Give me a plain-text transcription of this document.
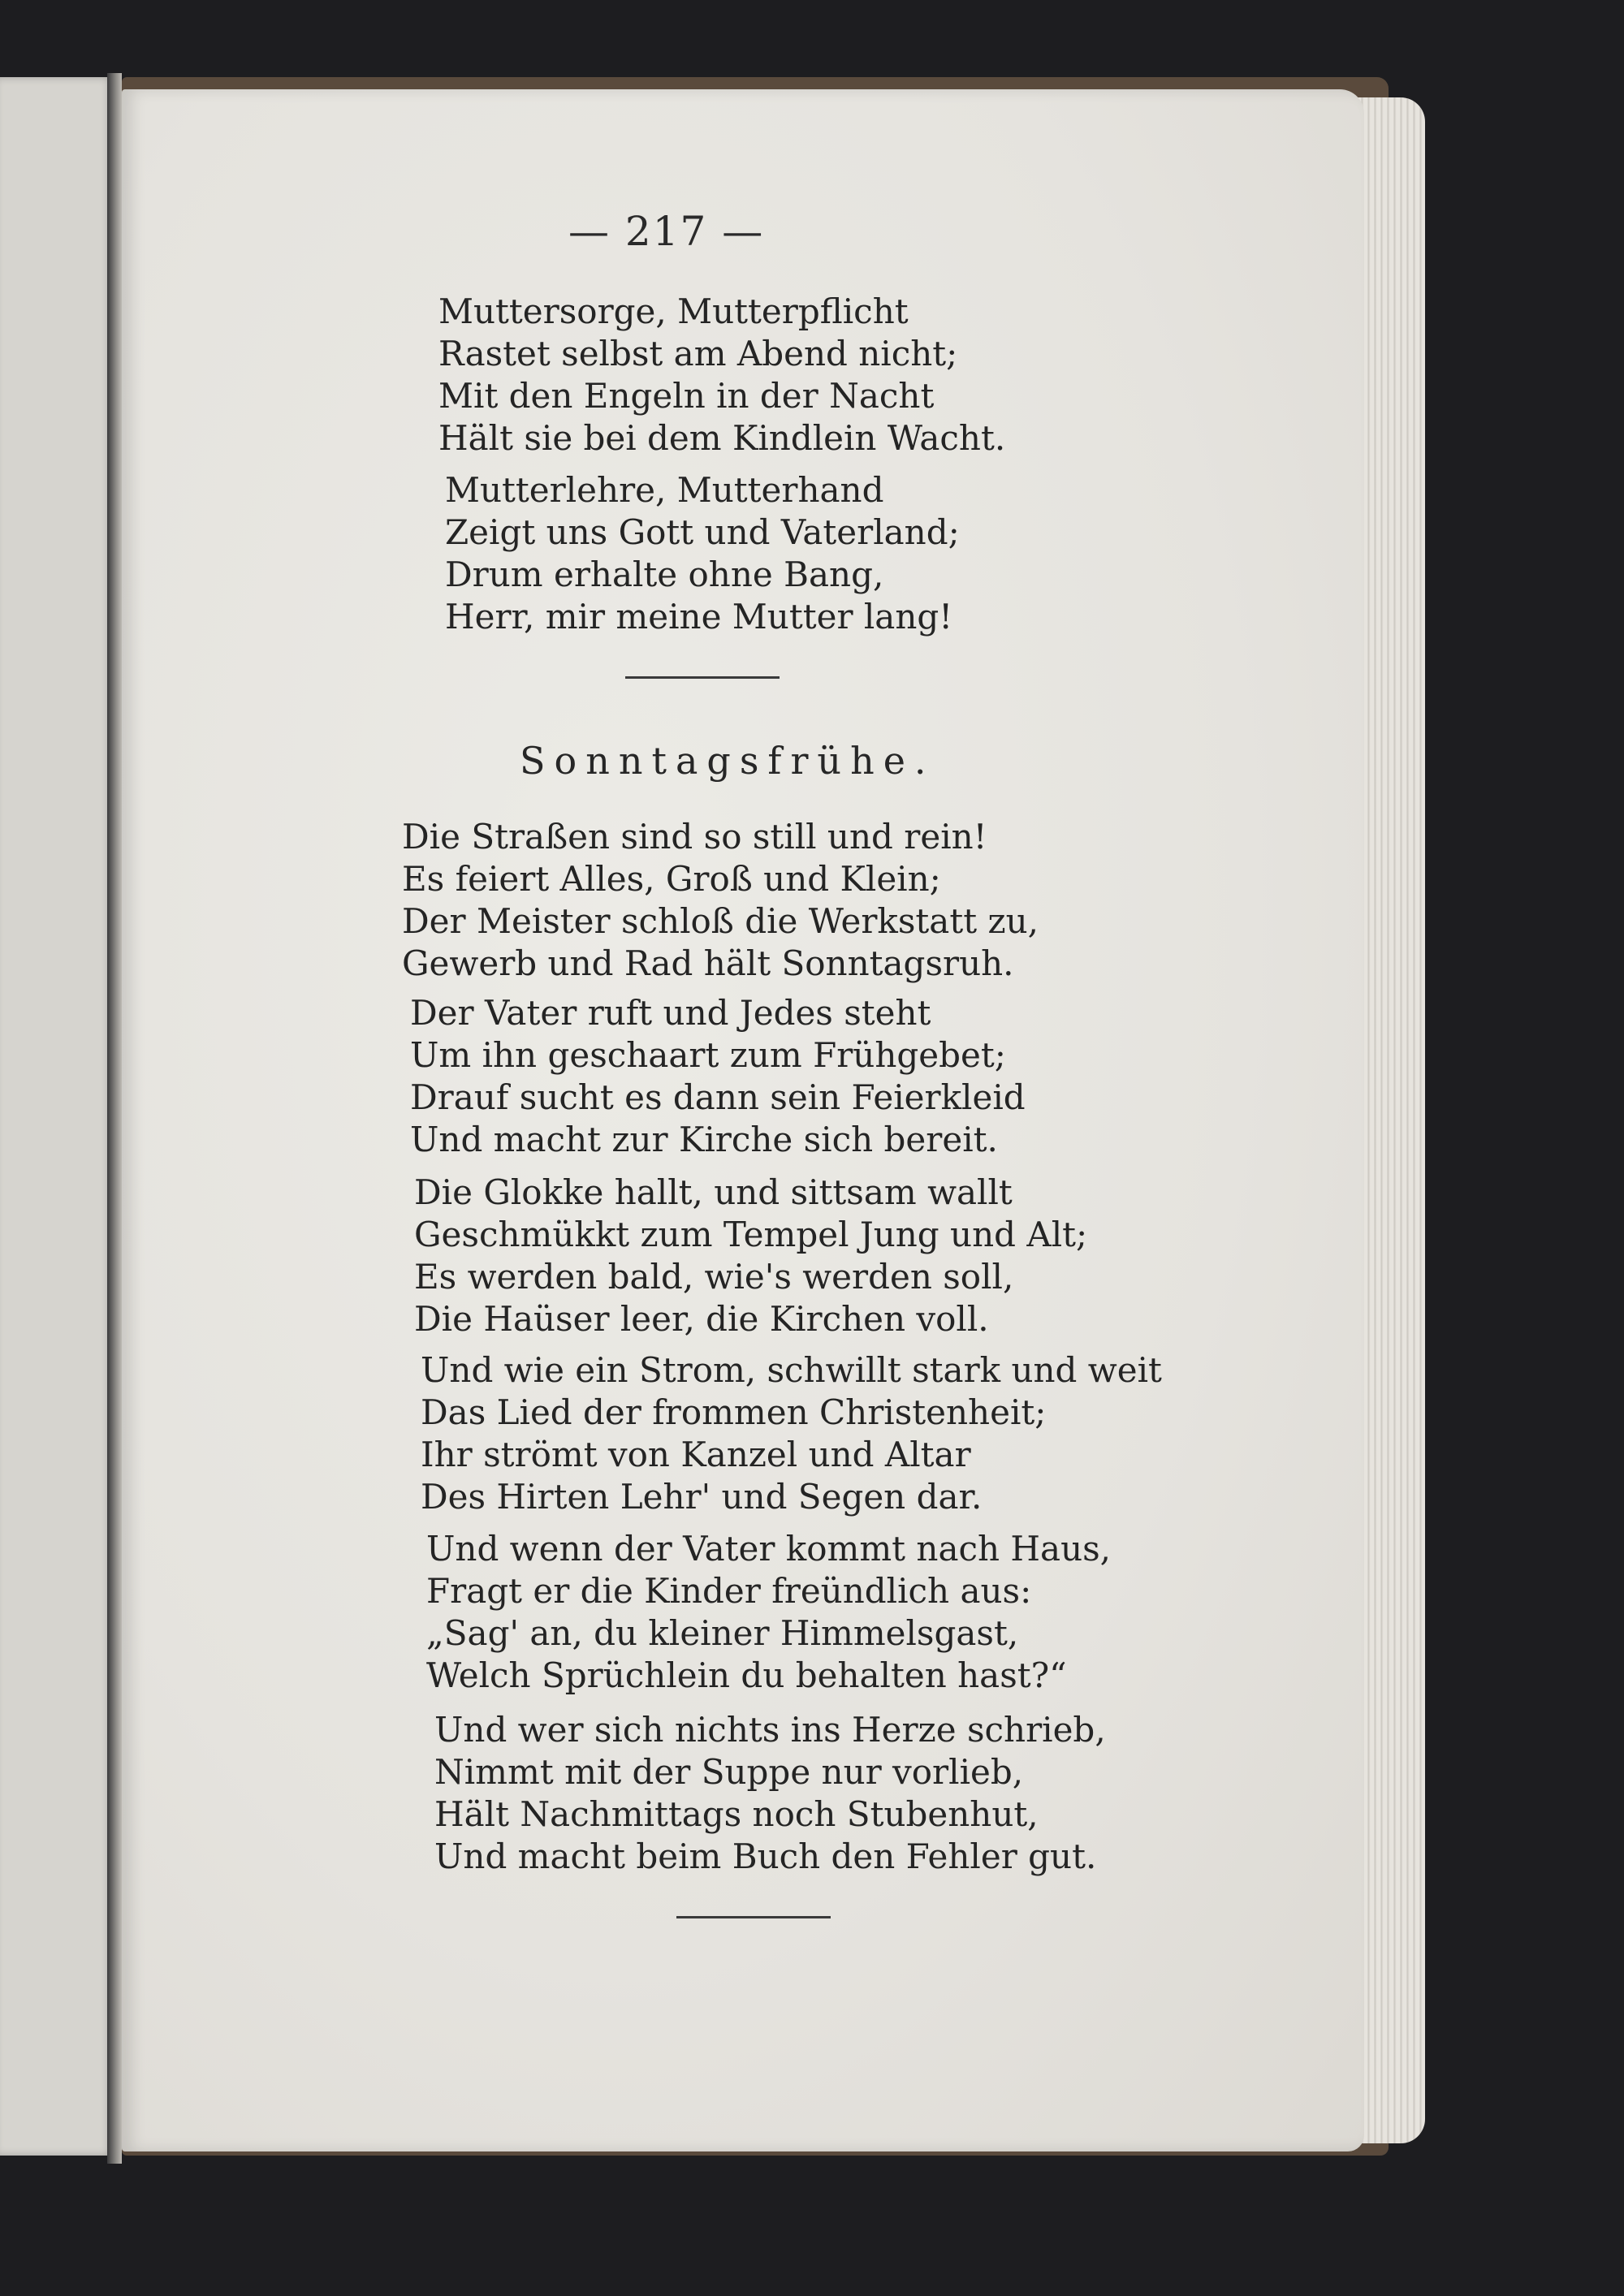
— 217 —
Muttersorge, Mutterpflicht
Rastet selbst am Abend nicht;
Mit den Engeln in der Nacht
Hält sie bei dem Kindlein Wacht.
Mutterlehre, Mutterhand
Zeigt uns Gott und Vaterland;
Drum erhalte ohne Bang,
Herr, mir meine Mutter lang!
Sonntagsfrühe.
Die Straßen sind so still und rein!
Es feiert Alles, Groß und Klein;
Der Meister schloß die Werkstatt zu,
Gewerb und Rad hält Sonntagsruh.
Der Vater ruft und Jedes steht
Um ihn geschaart zum Frühgebet;
Drauf sucht es dann sein Feierkleid
Und macht zur Kirche sich bereit.
Die Glokke hallt, und sittsam wallt
Geschmükkt zum Tempel Jung und Alt;
Es werden bald, wie's werden soll,
Die Haüser leer, die Kirchen voll.
Und wie ein Strom, schwillt stark und weit
Das Lied der frommen Christenheit;
Ihr strömt von Kanzel und Altar
Des Hirten Lehr' und Segen dar.
Und wenn der Vater kommt nach Haus,
Fragt er die Kinder freündlich aus:
„Sag' an, du kleiner Himmelsgast,
Welch Sprüchlein du behalten hast?“
Und wer sich nichts ins Herze schrieb,
Nimmt mit der Suppe nur vorlieb,
Hält Nachmittags noch Stubenhut,
Und macht beim Buch den Fehler gut.
